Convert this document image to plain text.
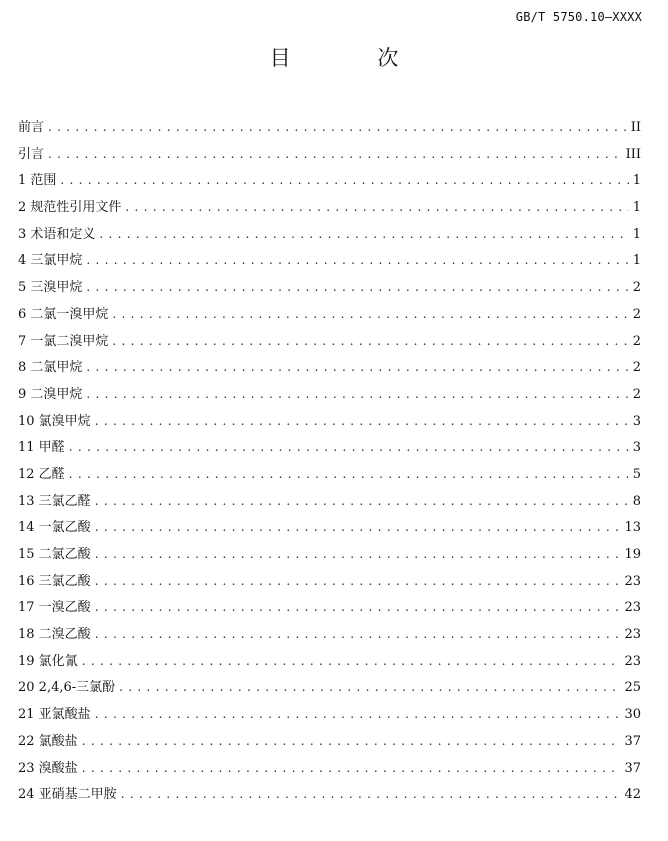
GB/T 5750.10—XXXX
目 次
前言 . . .	II
引言 . . .	III
1 范围 . . .	1
2 规范性引用文件 . . .	1
3 术语和定义 . . .	1
4 三氯甲烷 . . .	1
5 三溴甲烷 . . .	2
6 二氯一溴甲烷 . . .	2
7 一氯二溴甲烷 . . .	2
8 二氯甲烷 . . .	2
9 二溴甲烷 . . .	2
10 氯溴甲烷 . . .	3
11 甲醛 . . .	3
12 乙醛 . . .	5
13 三氯乙醛 . . .	8
14 一氯乙酸 . . .	13
15 二氯乙酸 . . .	19
16 三氯乙酸 . . .	23
17 一溴乙酸 . . .	23
18 二溴乙酸 . . .	23
19 氯化氰 . . .	23
20 2,4,6-三氯酚 . . .	25
21 亚氯酸盐 . . .	30
22 氯酸盐 . . .	37
23 溴酸盐 . . .	37
24 亚硝基二甲胺 . . .	42
